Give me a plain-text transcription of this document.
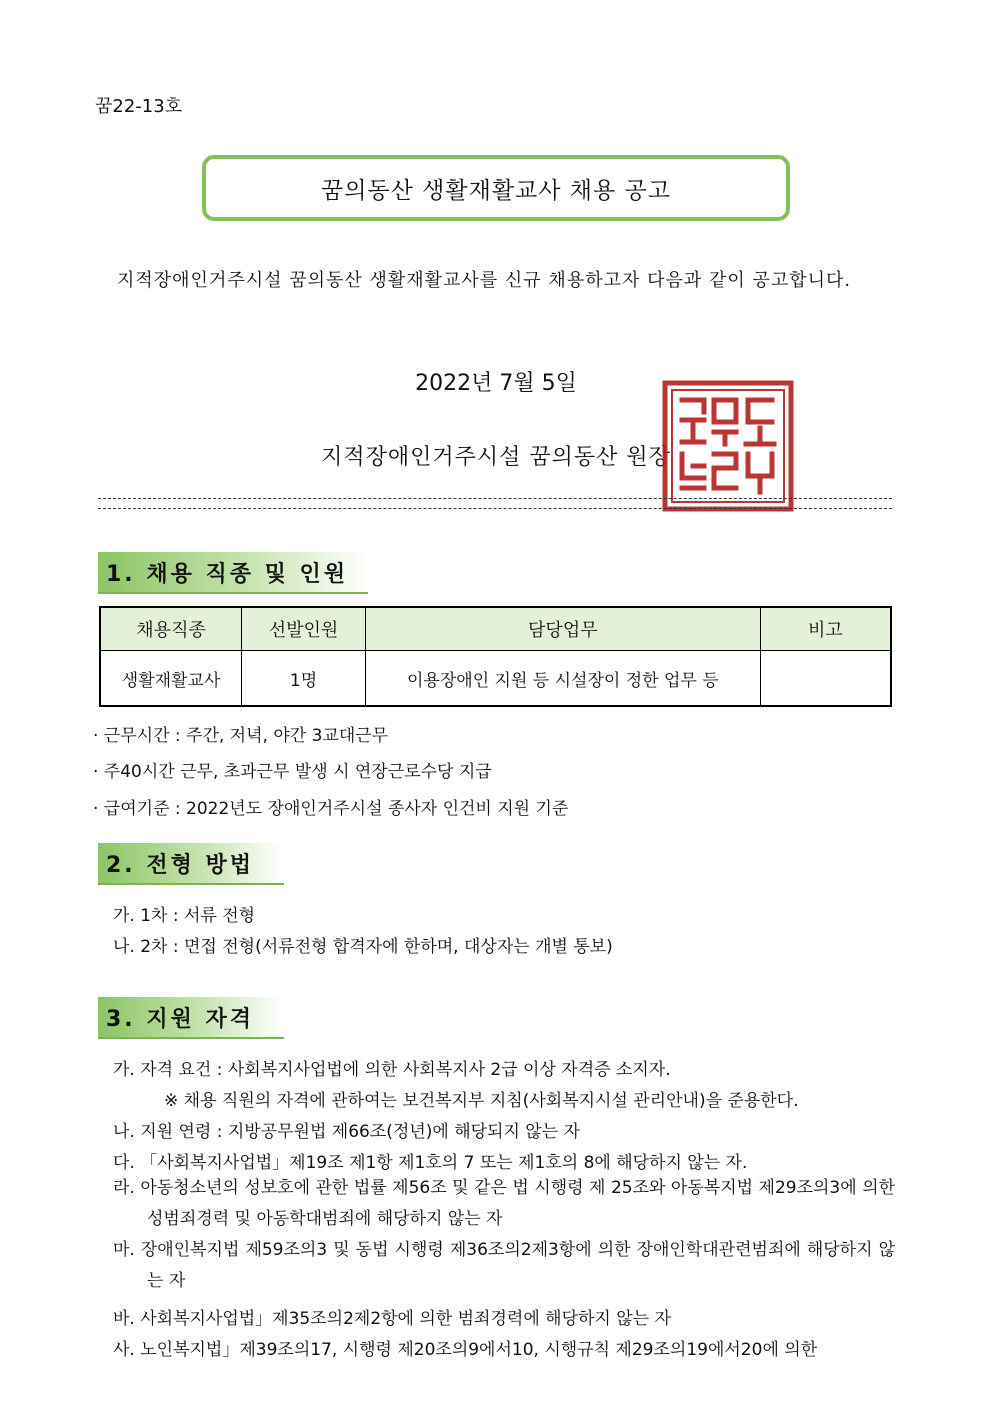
꿈22-13호
꿈의동산 생활재활교사 채용 공고
지적장애인거주시설 꿈의동산 생활재활교사를 신규 채용하고자 다음과 같이 공고합니다.
2022년 7월 5일
지적장애인거주시설 꿈의동산 원장
1. 채용 직종 및 인원
채용직종	선발인원	담당업무	비고
생활재활교사	1명	이용장애인 지원 등 시설장이 정한 업무 등	
· 근무시간 : 주간, 저녁, 야간 3교대근무
· 주40시간 근무, 초과근무 발생 시 연장근로수당 지급
· 급여기준 : 2022년도 장애인거주시설 종사자 인건비 지원 기준
2. 전형 방법
가. 1차 : 서류 전형
나. 2차 : 면접 전형(서류전형 합격자에 한하며, 대상자는 개별 통보)
3. 지원 자격
가. 자격 요건 : 사회복지사업법에 의한 사회복지사 2급 이상 자격증 소지자.
※ 채용 직원의 자격에 관하여는 보건복지부 지침(사회복지시설 관리안내)을 준용한다.
나. 지원 연령 : 지방공무원법 제66조(정년)에 해당되지 않는 자
다. 「사회복지사업법」제19조 제1항 제1호의 7 또는 제1호의 8에 해당하지 않는 자.
라. 아동청소년의 성보호에 관한 법률 제56조 및 같은 법 시행령 제 25조와 아동복지법 제29조의3에 의한 성범죄경력 및 아동학대범죄에 해당하지 않는 자
마. 장애인복지법 제59조의3 및 동법 시행령 제36조의2제3항에 의한 장애인학대관련범죄에 해당하지 않는 자
바. 사회복지사업법」제35조의2제2항에 의한 범죄경력에 해당하지 않는 자
사. 노인복지법」제39조의17, 시행령 제20조의9에서10, 시행규칙 제29조의19에서20에 의한
